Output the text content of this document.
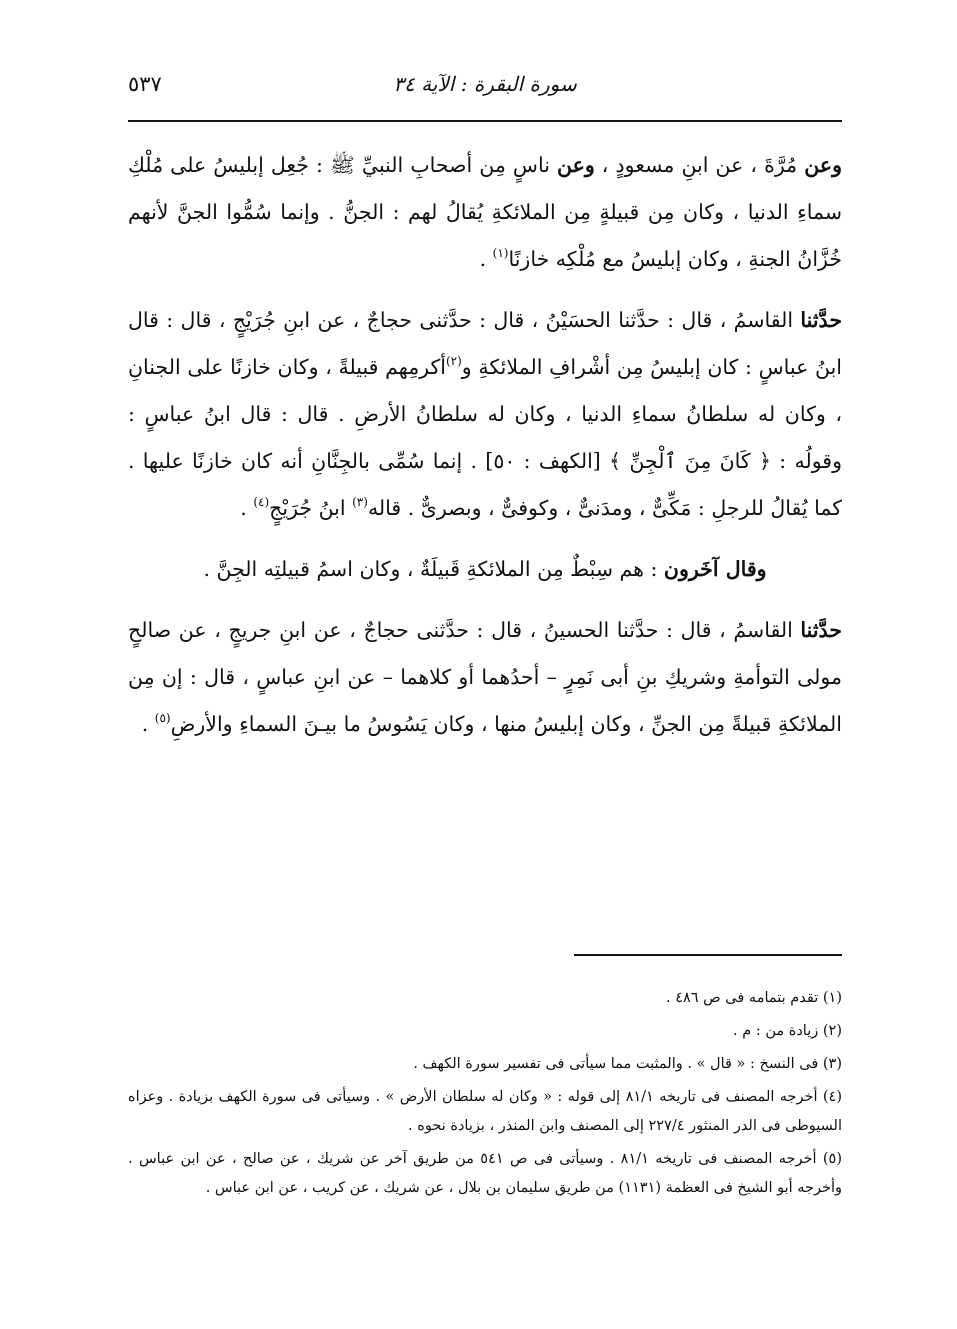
سورة البقرة : الآية ٣٤
٥٣٧

وعن مُرَّةَ ، عن ابنِ مسعودٍ ، وعن ناسٍ مِن أصحابِ النبيِّ ﷺ : جُعِل إبليسُ على مُلْكِ سماءِ الدنيا ، وكان مِن قبيلةٍ مِن الملائكةِ يُقالُ لهم : الجنُّ . وإنما سُمُّوا الجنَّ لأنهم خُزَّانُ الجنةِ ، وكان إبليسُ مع مُلْكِه خازنًا$^{(١)}$ .

حدَّثنا القاسمُ ، قال : حدَّثنا الحسَيْنُ ، قال : حدَّثنى حجاجٌ ، عن ابنِ جُرَيْجٍ ، قال : قال ابنُ عباسٍ : كان إبليسُ مِن أشْرافِ الملائكةِ و$^{(٢)}$أكرمِهم قبيلةً ، وكان خازنًا على الجنانِ ، وكان له سلطانُ سماءِ الدنيا ، وكان له سلطانُ الأرضِ . قال : قال ابنُ عباسٍ : وقولُه : ﴿ كَانَ مِنَ ٱلْجِنِّ ﴾ [الكهف : ٥٠] . إنما سُمِّى بالجِنَّانِ أنه كان خازنًا عليها . كما يُقالُ للرجلِ : مَكِّىٌّ ، ومدَنىٌّ ، وكوفىٌّ ، وبصرىٌّ . قاله$^{(٣)}$ ابنُ جُرَيْجٍ$^{(٤)}$ .

وقال آخَرون : هم سِبْطٌ مِن الملائكةِ قَبيلَةٌ ، وكان اسمُ قبيلتِه الجِنَّ .

حدَّثنا القاسمُ ، قال : حدَّثنا الحسينُ ، قال : حدَّثنى حجاجٌ ، عن ابنِ جريجٍ ، عن صالحٍ مولى التوأمةِ وشريكِ بنِ أبى نَمِرٍ – أحدُهما أو كلاهما – عن ابنِ عباسٍ ، قال : إن مِن الملائكةِ قبيلةً مِن الجنِّ ، وكان إبليسُ منها ، وكان يَسُوسُ ما بيـنَ السماءِ والأرضِ$^{(٥)}$ .

(١) تقدم بتمامه فى ص ٤٨٦ .

(٢) زيادة من : م .

(٣) فى النسخ : « قال » . والمثبت مما سيأتى فى تفسير سورة الكهف .

(٤) أخرجه المصنف فى تاريخه ٨١/١ إلى قوله : « وكان له سلطان الأرض » . وسيأتى فى سورة الكهف بزيادة . وعزاه السيوطى فى الدر المنثور ٢٢٧/٤ إلى المصنف وابن المنذر ، بزيادة نحوه .

(٥) أخرجه المصنف فى تاريخه ٨١/١ . وسيأتى فى ص ٥٤١ من طريق آخر عن شريك ، عن صالح ، عن ابن عباس . وأخرجه أبو الشيخ فى العظمة (١١٣١) من طريق سليمان بن بلال ، عن شريك ، عن كريب ، عن ابن عباس .
